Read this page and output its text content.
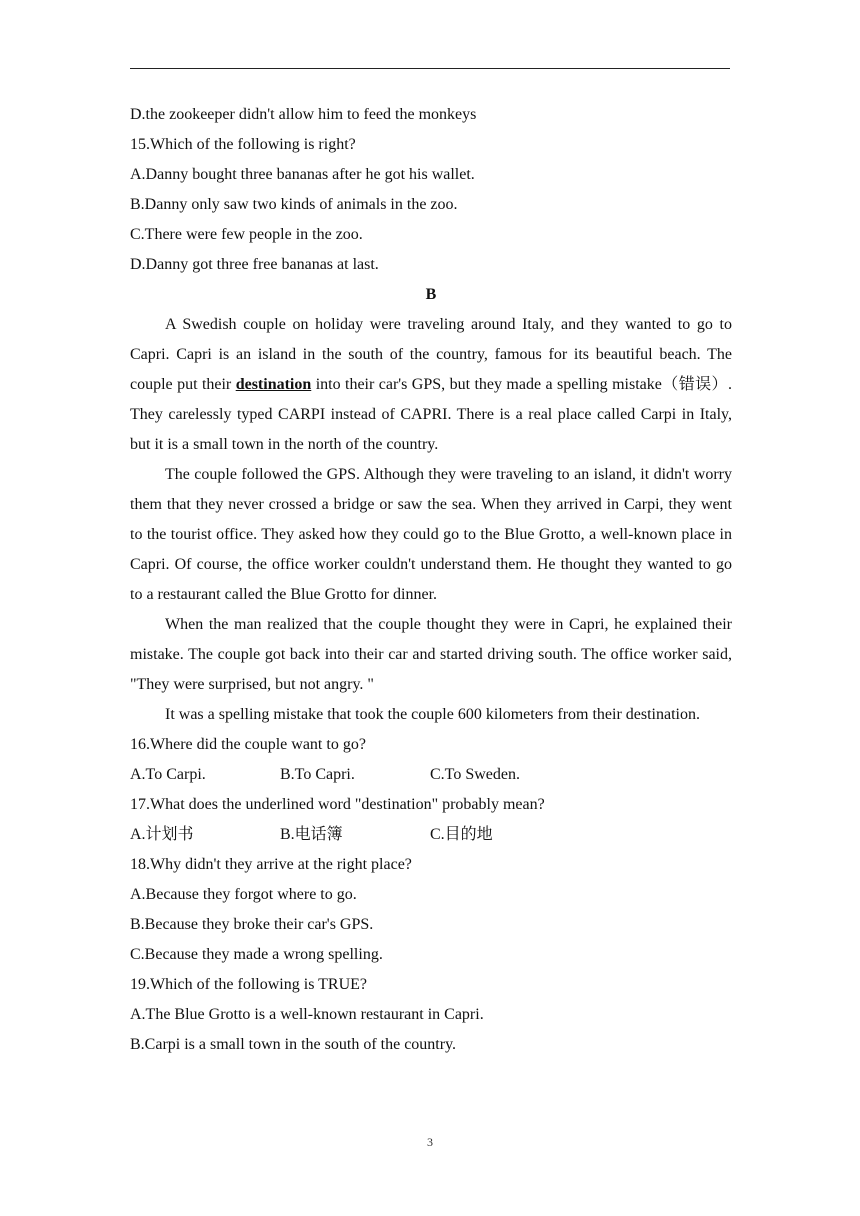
D.the zookeeper didn't allow him to feed the monkeys
15.Which of the following is right?
A.Danny bought three bananas after he got his wallet.
B.Danny only saw two kinds of animals in the zoo.
C.There were few people in the zoo.
D.Danny got three free bananas at last.
B

A Swedish couple on holiday were traveling around Italy, and they wanted to go to Capri. Capri is an island in the south of the country, famous for its beautiful beach. The couple put their destination into their car's GPS, but they made a spelling mistake（错误）. They carelessly typed CARPI instead of CAPRI. There is a real place called Carpi in Italy, but it is a small town in the north of the country.

The couple followed the GPS. Although they were traveling to an island, it didn't worry them that they never crossed a bridge or saw the sea. When they arrived in Carpi, they went to the tourist office. They asked how they could go to the Blue Grotto, a well-known place in Capri. Of course, the office worker couldn't understand them. He thought they wanted to go to a restaurant called the Blue Grotto for dinner.

When the man realized that the couple thought they were in Capri, he explained their mistake. The couple got back into their car and started driving south. The office worker said, "They were surprised, but not angry. "

It was a spelling mistake that took the couple 600 kilometers from their destination.

16.Where did the couple want to go?
A.To Carpi.	B.To Capri.	C.To Sweden.
17.What does the underlined word "destination" probably mean?
A.计划书	B.电话簿	C.目的地
18.Why didn't they arrive at the right place?
A.Because they forgot where to go.
B.Because they broke their car's GPS.
C.Because they made a wrong spelling.
19.Which of the following is TRUE?
A.The Blue Grotto is a well-known restaurant in Capri.
B.Carpi is a small town in the south of the country.
3
